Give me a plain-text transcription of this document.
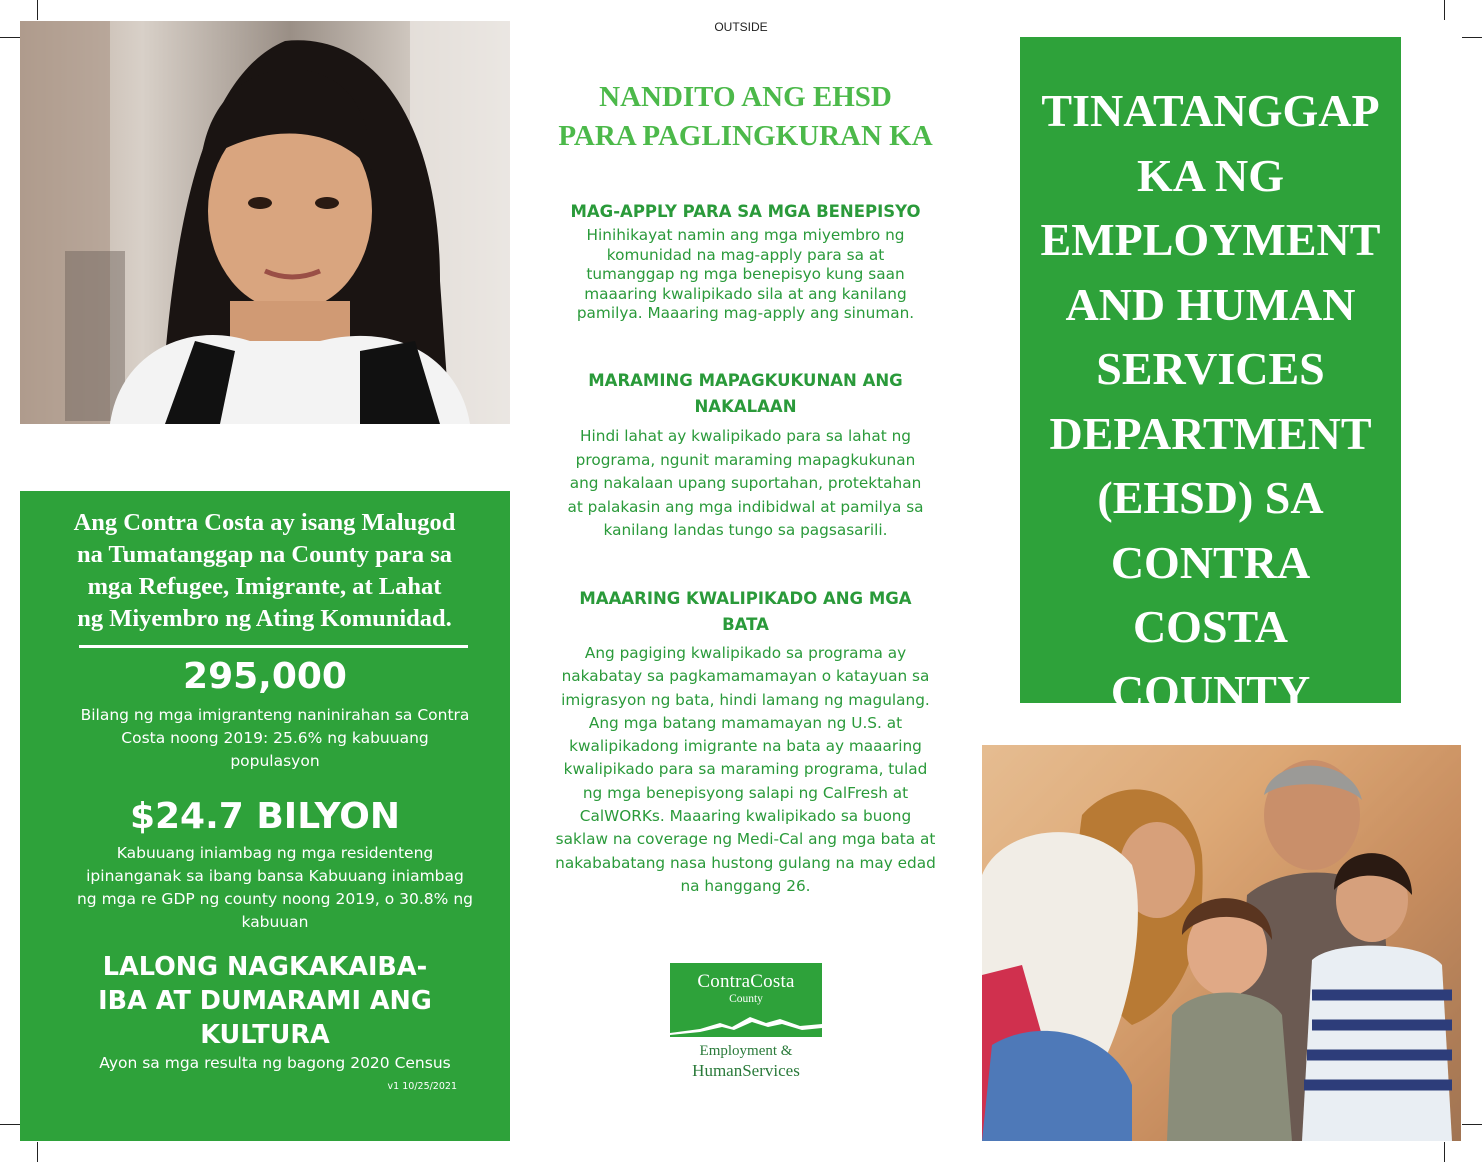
OUTSIDE
Ang Contra Costa ay isang Malugod na Tumatanggap na County para sa mga Refugee, Imigrante, at Lahat ng Miyembro ng Ating Komunidad.
295,000
Bilang ng mga imigranteng naninirahan sa Contra Costa noong 2019: 25.6% ng kabuuang populasyon
$24.7 BILYON
Kabuuang iniambag ng mga residenteng ipinanganak sa ibang bansa Kabuuang iniambag ng mga re GDP ng county noong 2019, o 30.8% ng kabuuan
LALONG NAGKAKAIBA-IBA AT DUMARAMI ANG KULTURA
Ayon sa mga resulta ng bagong 2020 Census
v1 10/25/2021
NANDITO ANG EHSD
PARA PAGLINGKURAN KA
MAG-APPLY PARA SA MGA BENEPISYO
Hinihikayat namin ang mga miyembro ng komunidad na mag-apply para sa at tumanggap ng mga benepisyo kung saan maaaring kwalipikado sila at ang kanilang pamilya. Maaaring mag-apply ang sinuman.
MARAMING MAPAGKUKUNAN ANG NAKALAAN
Hindi lahat ay kwalipikado para sa lahat ng programa, ngunit maraming mapagkukunan ang nakalaan upang suportahan, protektahan at palakasin ang mga indibidwal at pamilya sa kanilang landas tungo sa pagsasarili.
MAAARING KWALIPIKADO ANG MGA BATA
Ang pagiging kwalipikado sa programa ay nakabatay sa pagkamamamayan o katayuan sa imigrasyon ng bata, hindi lamang ng magulang. Ang mga batang mamamayan ng U.S. at kwalipikadong imigrante na bata ay maaaring kwalipikado para sa maraming programa, tulad ng mga benepisyong salapi ng CalFresh at CalWORKs. Maaaring kwalipikado sa buong saklaw na coverage ng Medi-Cal ang mga bata at nakababatang nasa hustong gulang na may edad na hanggang 26.
ContraCosta
County
Employment &
HumanServices
TINATANGGAP KA NG EMPLOYMENT AND HUMAN SERVICES DEPARTMENT (EHSD) SA CONTRA COSTA COUNTY
